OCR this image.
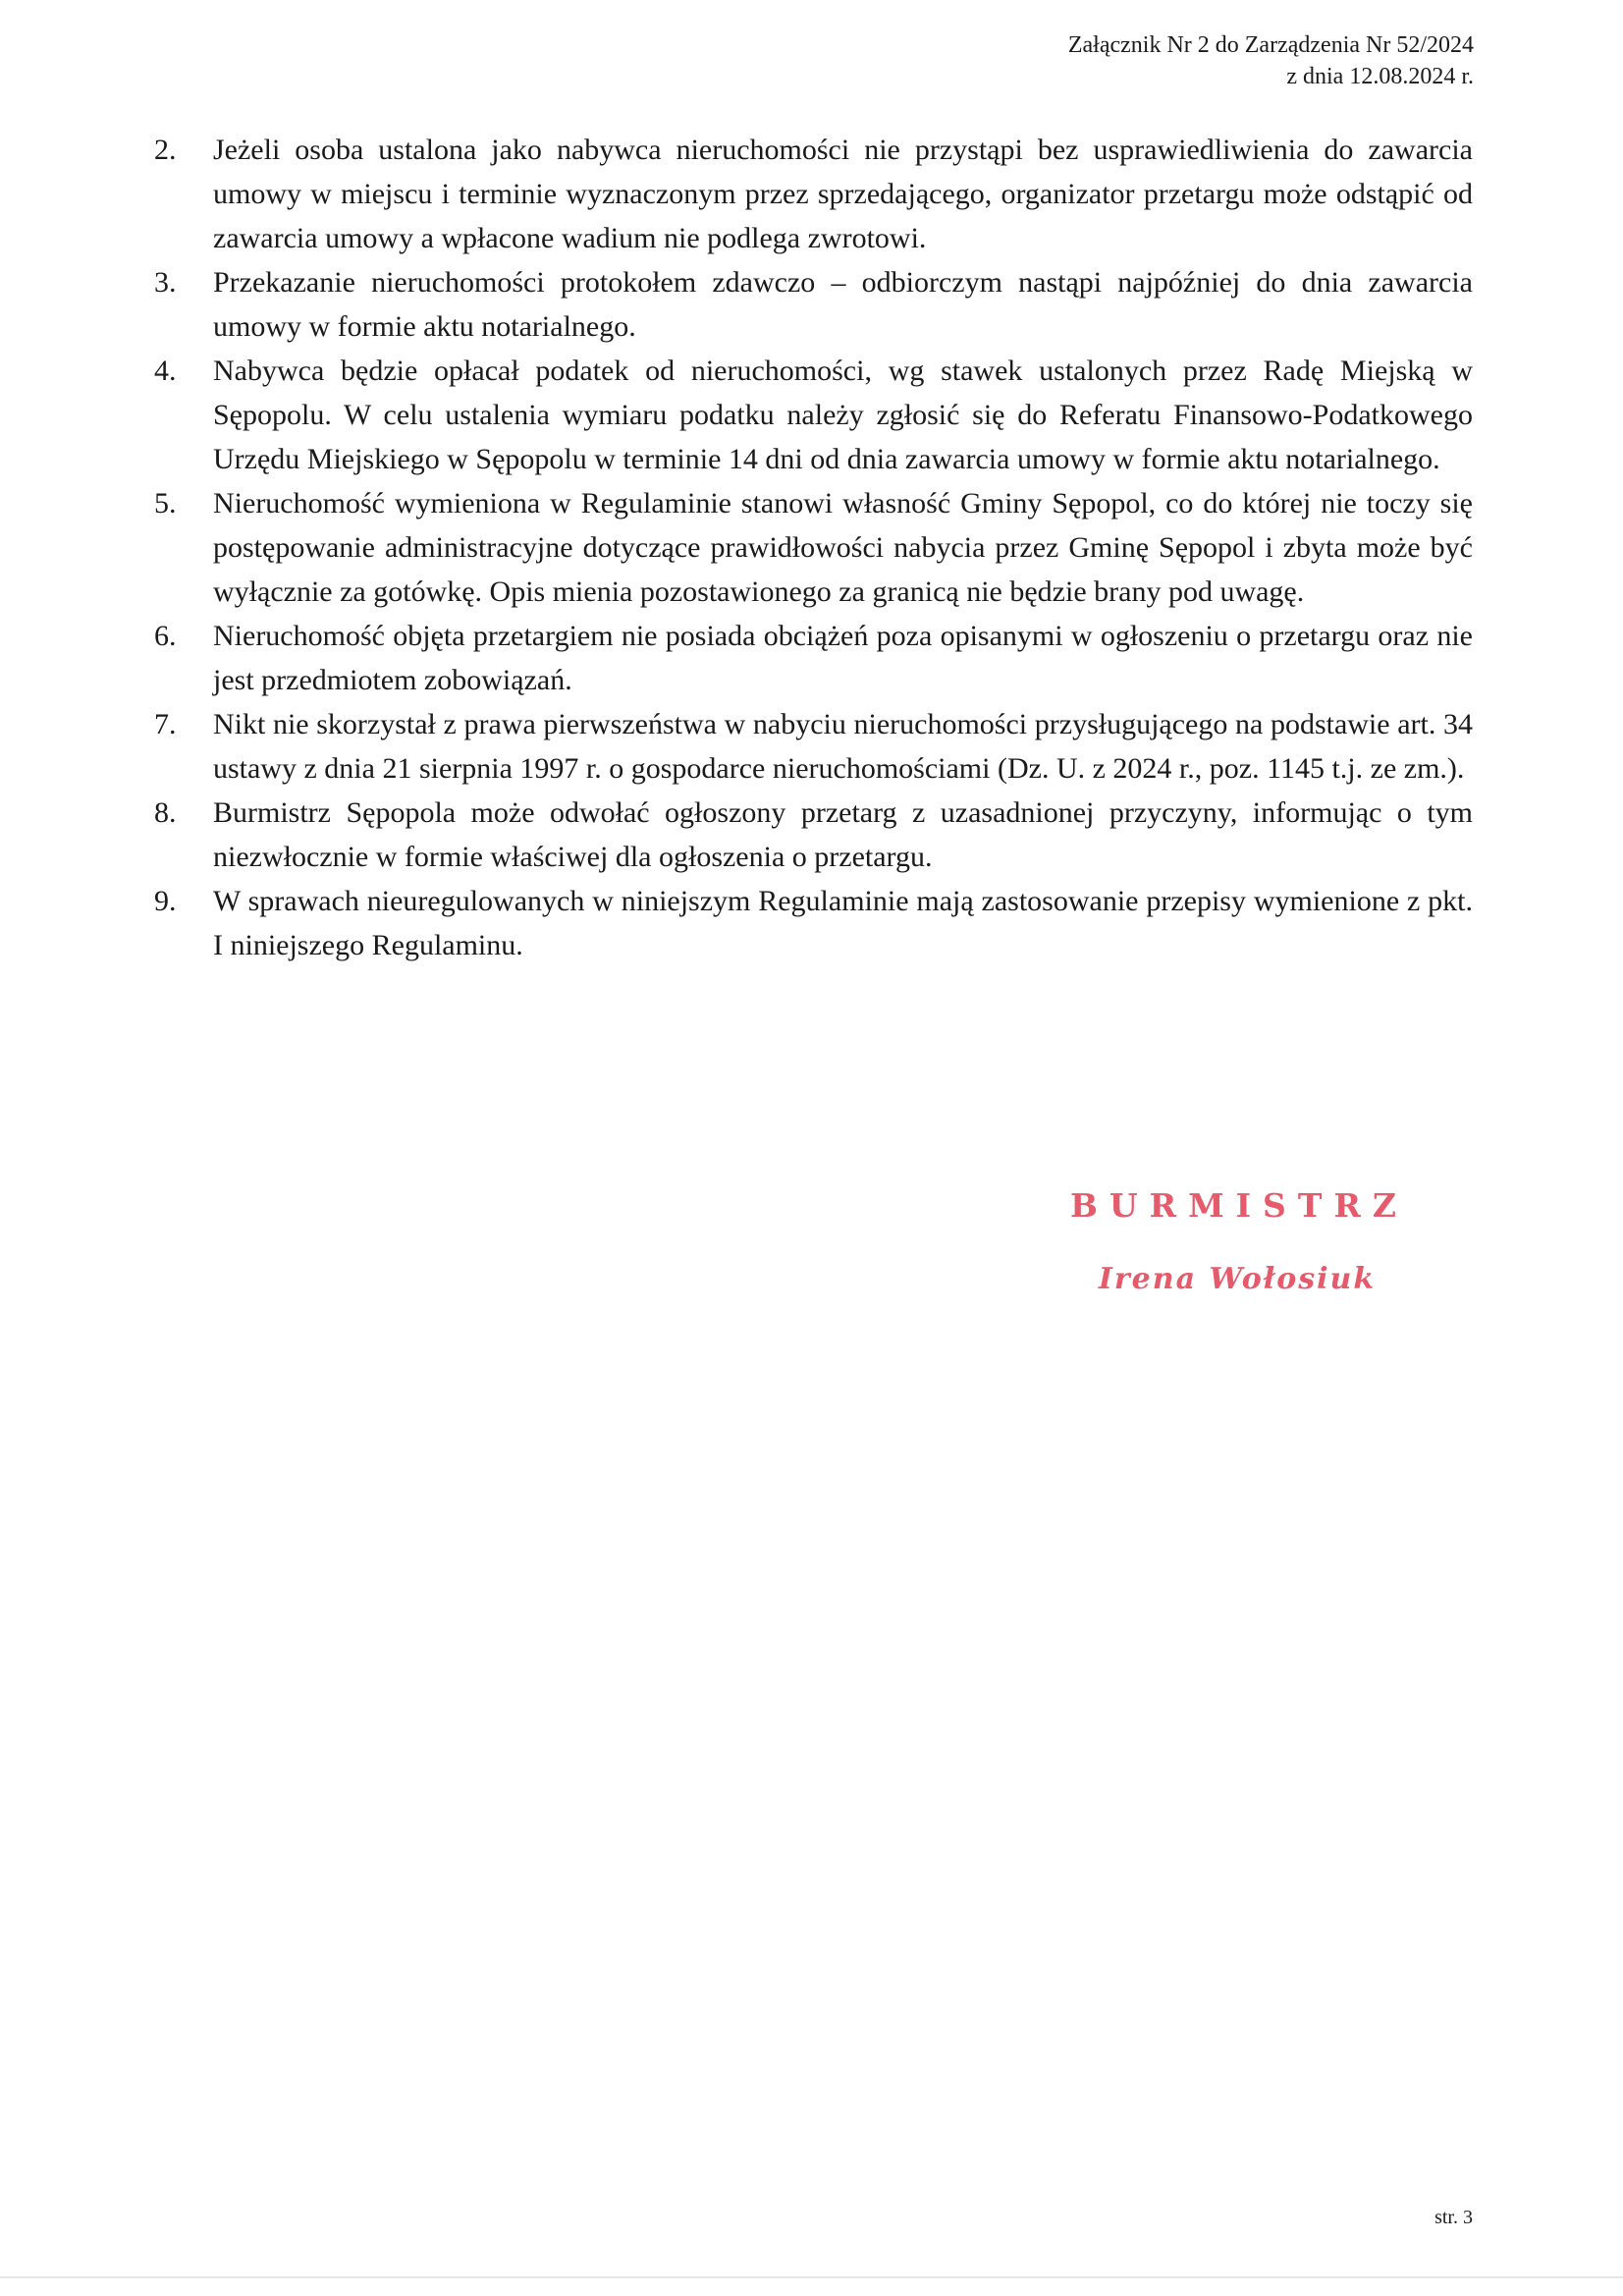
Załącznik Nr 2 do Zarządzenia Nr 52/2024
z dnia 12.08.2024 r.
2. Jeżeli osoba ustalona jako nabywca nieruchomości nie przystąpi bez usprawiedliwienia do zawarcia umowy w miejscu i terminie wyznaczonym przez sprzedającego, organizator przetargu może odstąpić od zawarcia umowy a wpłacone wadium nie podlega zwrotowi.
3. Przekazanie nieruchomości protokołem zdawczo – odbiorczym nastąpi najpóźniej do dnia zawarcia umowy w formie aktu notarialnego.
4. Nabywca będzie opłacał podatek od nieruchomości, wg stawek ustalonych przez Radę Miejską w Sępopolu. W celu ustalenia wymiaru podatku należy zgłosić się do Referatu Finansowo-Podatkowego Urzędu Miejskiego w Sępopolu w terminie 14 dni od dnia zawarcia umowy w formie aktu notarialnego.
5. Nieruchomość wymieniona w Regulaminie stanowi własność Gminy Sępopol, co do której nie toczy się postępowanie administracyjne dotyczące prawidłowości nabycia przez Gminę Sępopol i zbyta może być wyłącznie za gotówkę. Opis mienia pozostawionego za granicą nie będzie brany pod uwagę.
6. Nieruchomość objęta przetargiem nie posiada obciążeń poza opisanymi w ogłoszeniu o przetargu oraz nie jest przedmiotem zobowiązań.
7. Nikt nie skorzystał z prawa pierwszeństwa w nabyciu nieruchomości przysługującego na podstawie art. 34 ustawy z dnia 21 sierpnia 1997 r. o gospodarce nieruchomościami (Dz. U. z 2024 r., poz. 1145 t.j. ze zm.).
8. Burmistrz Sępopola może odwołać ogłoszony przetarg z uzasadnionej przyczyny, informując o tym niezwłocznie w formie właściwej dla ogłoszenia o przetargu.
9. W sprawach nieuregulowanych w niniejszym Regulaminie mają zastosowanie przepisy wymienione z pkt. I niniejszego Regulaminu.
BURMISTRZ
Irena Wołosiuk
str. 3
